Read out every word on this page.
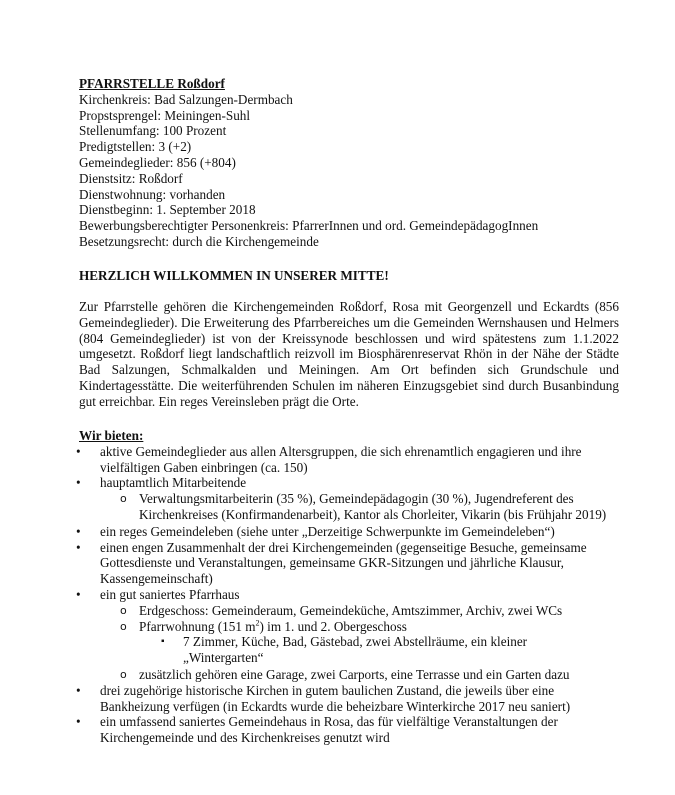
PFARRSTELLE Roßdorf
Kirchenkreis: Bad Salzungen-Dermbach
Propstsprengel: Meiningen-Suhl
Stellenumfang: 100 Prozent
Predigtstellen: 3 (+2)
Gemeindeglieder: 856 (+804)
Dienstsitz: Roßdorf
Dienstwohnung: vorhanden
Dienstbeginn: 1. September 2018
Bewerbungsberechtigter Personenkreis: PfarrerInnen und ord. GemeindepädagogInnen
Besetzungsrecht: durch die Kirchengemeinde
HERZLICH WILLKOMMEN IN UNSERER MITTE!
Zur Pfarrstelle gehören die Kirchengemeinden Roßdorf, Rosa mit Georgenzell und Eckardts (856 Gemeindeglieder). Die Erweiterung des Pfarrbereiches um die Gemeinden Wernshausen und Helmers (804 Gemeindeglieder) ist von der Kreissynode beschlossen und wird spätestens zum 1.1.2022 umgesetzt. Roßdorf liegt landschaftlich reizvoll im Biosphärenreservat Rhön in der Nähe der Städte Bad Salzungen, Schmalkalden und Meiningen. Am Ort befinden sich Grundschule und Kindertagesstätte. Die weiterführenden Schulen im näheren Einzugsgebiet sind durch Busanbindung gut erreichbar. Ein reges Vereinsleben prägt die Orte.
Wir bieten:
• aktive Gemeindeglieder aus allen Altersgruppen, die sich ehrenamtlich engagieren und ihre vielfältigen Gaben einbringen (ca. 150)
• hauptamtlich Mitarbeitende
o Verwaltungsmitarbeiterin (35 %), Gemeindepädagogin (30 %), Jugendreferent des Kirchenkreises (Konfirmandenarbeit), Kantor als Chorleiter, Vikarin (bis Frühjahr 2019)
• ein reges Gemeindeleben (siehe unter „Derzeitige Schwerpunkte im Gemeindeleben“)
• einen engen Zusammenhalt der drei Kirchengemeinden (gegenseitige Besuche, gemeinsame Gottesdienste und Veranstaltungen, gemeinsame GKR-Sitzungen und jährliche Klausur, Kassengemeinschaft)
• ein gut saniertes Pfarrhaus
o Erdgeschoss: Gemeinderaum, Gemeindeküche, Amtszimmer, Archiv, zwei WCs
o Pfarrwohnung (151 $m^2$) im 1. und 2. Obergeschoss
▪ 7 Zimmer, Küche, Bad, Gästebad, zwei Abstellräume, ein kleiner „Wintergarten“
o zusätzlich gehören eine Garage, zwei Carports, eine Terrasse und ein Garten dazu
• drei zugehörige historische Kirchen in gutem baulichen Zustand, die jeweils über eine Bankheizung verfügen (in Eckardts wurde die beheizbare Winterkirche 2017 neu saniert)
• ein umfassend saniertes Gemeindehaus in Rosa, das für vielfältige Veranstaltungen der Kirchengemeinde und des Kirchenkreises genutzt wird
